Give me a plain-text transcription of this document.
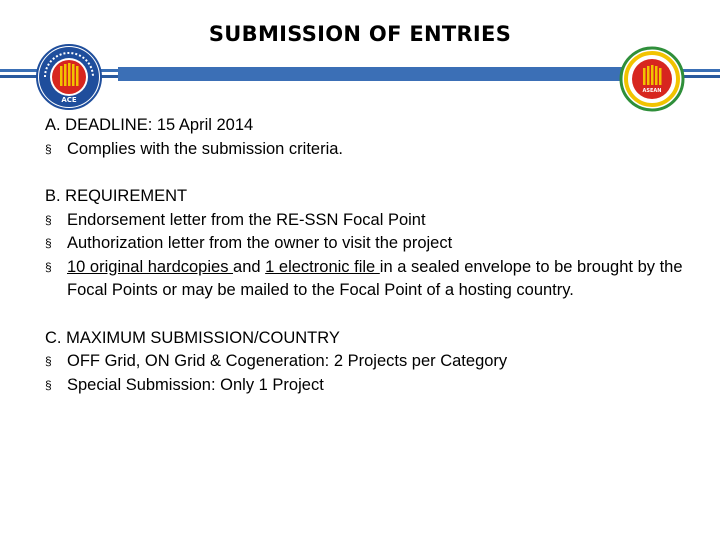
SUBMISSION OF ENTRIES
ACE
ASEAN

A. DEADLINE: 15 April 2014

§ Complies with the submission criteria.

B. REQUIREMENT

§ Endorsement letter from the RE-SSN Focal Point

§ Authorization letter from the owner to visit the project

§ 10 original hardcopies and 1 electronic file in a sealed envelope to be brought by the Focal Points or may be mailed to the Focal Point of a hosting country.

C. MAXIMUM SUBMISSION/COUNTRY

§ OFF Grid, ON Grid & Cogeneration: 2 Projects per Category

§ Special Submission: Only 1 Project
